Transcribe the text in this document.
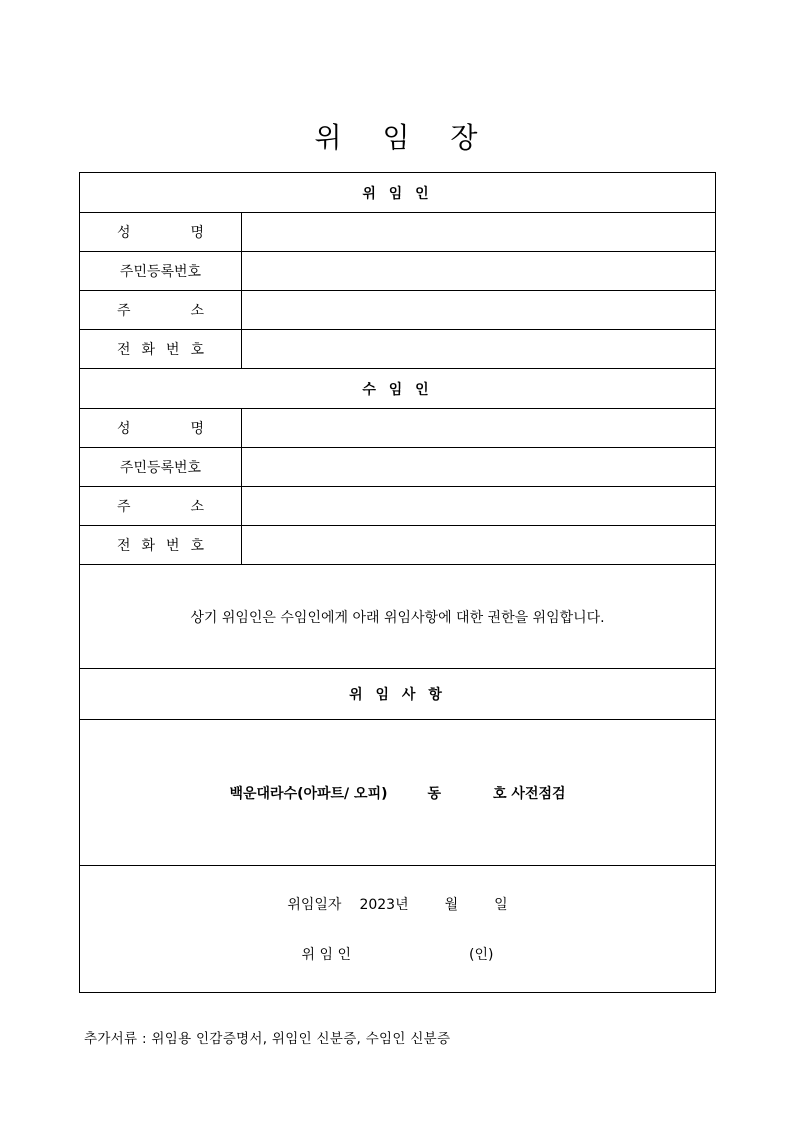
위 임 장
위 임 인	

성 명	

주민등록번호	

주 소	

전 화 번 호	

수 임 인	

성 명	

주민등록번호	

주 소	

전 화 번 호	

상기 위임인은 수임인에게 아래 위임사항에 대한 권한을 위임합니다.	
위 임 사 항	
백운대라수(아파트/ 오피) 동 호 사전점검	

위임일자 2023년 월 일
위 임 인 (인)	
추가서류 : 위임용 인감증명서, 위임인 신분증, 수임인 신분증
